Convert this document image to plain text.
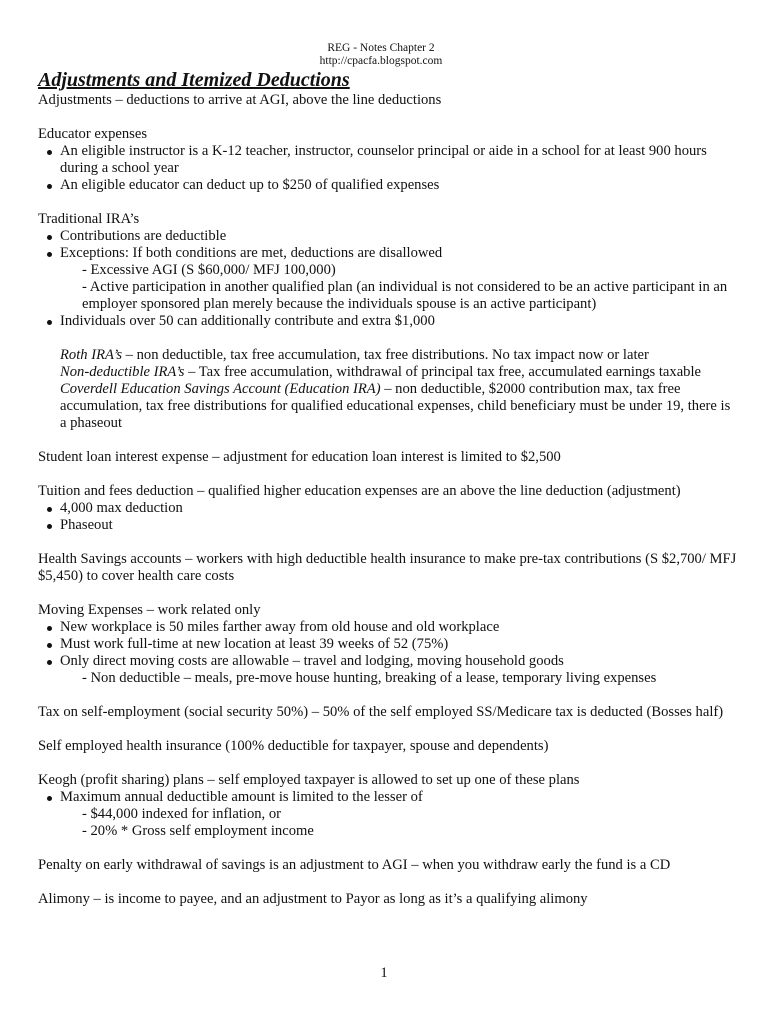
REG - Notes Chapter 2
http://cpacfa.blogspot.com
Adjustments and Itemized Deductions

Adjustments – deductions to arrive at AGI, above the line deductions

Educator expenses

An eligible instructor is a K-12 teacher, instructor, counselor principal or aide in a school for at least 900 hours during a school year
An eligible educator can deduct up to $250 of qualified expenses

Traditional IRA’s

Contributions are deductible
Exceptions: If both conditions are met, deductions are disallowed
- Excessive AGI (S $60,000/ MFJ 100,000)
- Active participation in another qualified plan (an individual is not considered to be an active participant in an employer sponsored plan merely because the individuals spouse is an active participant)
Individuals over 50 can additionally contribute and extra $1,000

Roth IRA’s – non deductible, tax free accumulation, tax free distributions. No tax impact now or later

Non-deductible IRA’s – Tax free accumulation, withdrawal of principal tax free, accumulated earnings taxable

Coverdell Education Savings Account (Education IRA) – non deductible, $2000 contribution max, tax free accumulation, tax free distributions for qualified educational expenses, child beneficiary must be under 19, there is a phaseout

Student loan interest expense – adjustment for education loan interest is limited to $2,500

Tuition and fees deduction – qualified higher education expenses are an above the line deduction (adjustment)

4,000 max deduction
Phaseout

Health Savings accounts – workers with high deductible health insurance to make pre-tax contributions (S $2,700/ MFJ $5,450) to cover health care costs

Moving Expenses – work related only

New workplace is 50 miles farther away from old house and old workplace
Must work full-time at new location at least 39 weeks of 52 (75%)
Only direct moving costs are allowable – travel and lodging, moving household goods
- Non deductible – meals, pre-move house hunting, breaking of a lease, temporary living expenses

Tax on self-employment (social security 50%) – 50% of the self employed SS/Medicare tax is deducted (Bosses half)

Self employed health insurance (100% deductible for taxpayer, spouse and dependents)

Keogh (profit sharing) plans – self employed taxpayer is allowed to set up one of these plans

Maximum annual deductible amount is limited to the lesser of
- $44,000 indexed for inflation, or
- 20% * Gross self employment income

Penalty on early withdrawal of savings is an adjustment to AGI – when you withdraw early the fund is a CD

Alimony – is income to payee, and an adjustment to Payor as long as it’s a qualifying alimony

1
